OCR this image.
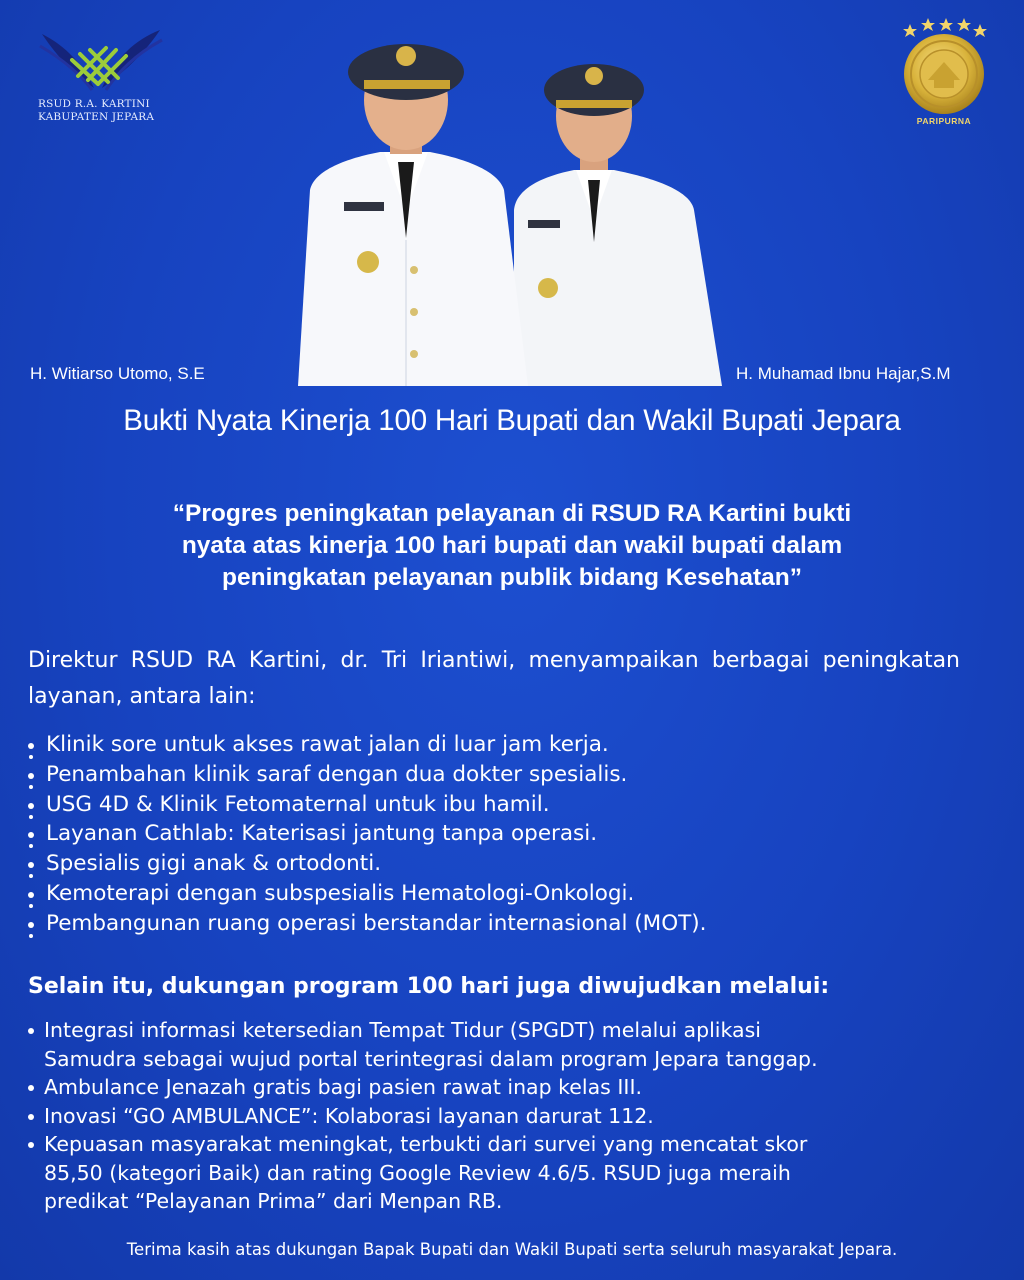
RSUD R.A. KARTINI
KABUPATEN JEPARA	PARIPURNA
H. Witiarso Utomo, S.E	H. Muhamad Ibnu Hajar,S.M
Bukti Nyata Kinerja 100 Hari Bupati dan Wakil Bupati Jepara
“Progres peningkatan pelayanan di RSUD RA Kartini bukti
nyata atas kinerja 100 hari bupati dan wakil bupati dalam
peningkatan pelayanan publik bidang Kesehatan”
Direktur RSUD RA Kartini, dr. Tri Iriantiwi, menyampaikan berbagai peningkatan layanan, antara lain:
Klinik sore untuk akses rawat jalan di luar jam kerja.
Penambahan klinik saraf dengan dua dokter spesialis.
USG 4D & Klinik Fetomaternal untuk ibu hamil.
Layanan Cathlab: Katerisasi jantung tanpa operasi.
Spesialis gigi anak & ortodonti.
Kemoterapi dengan subspesialis Hematologi-Onkologi.
Pembangunan ruang operasi berstandar internasional (MOT).
Selain itu, dukungan program 100 hari juga diwujudkan melalui:
Integrasi informasi ketersedian Tempat Tidur (SPGDT) melalui aplikasi
Samudra sebagai wujud portal terintegrasi dalam program Jepara tanggap.
Ambulance Jenazah gratis bagi pasien rawat inap kelas III.
Inovasi “GO AMBULANCE”: Kolaborasi layanan darurat 112.
Kepuasan masyarakat meningkat, terbukti dari survei yang mencatat skor
85,50 (kategori Baik) dan rating Google Review 4.6/5. RSUD juga meraih
predikat “Pelayanan Prima” dari Menpan RB.
Terima kasih atas dukungan Bapak Bupati dan Wakil Bupati serta seluruh masyarakat Jepara.
